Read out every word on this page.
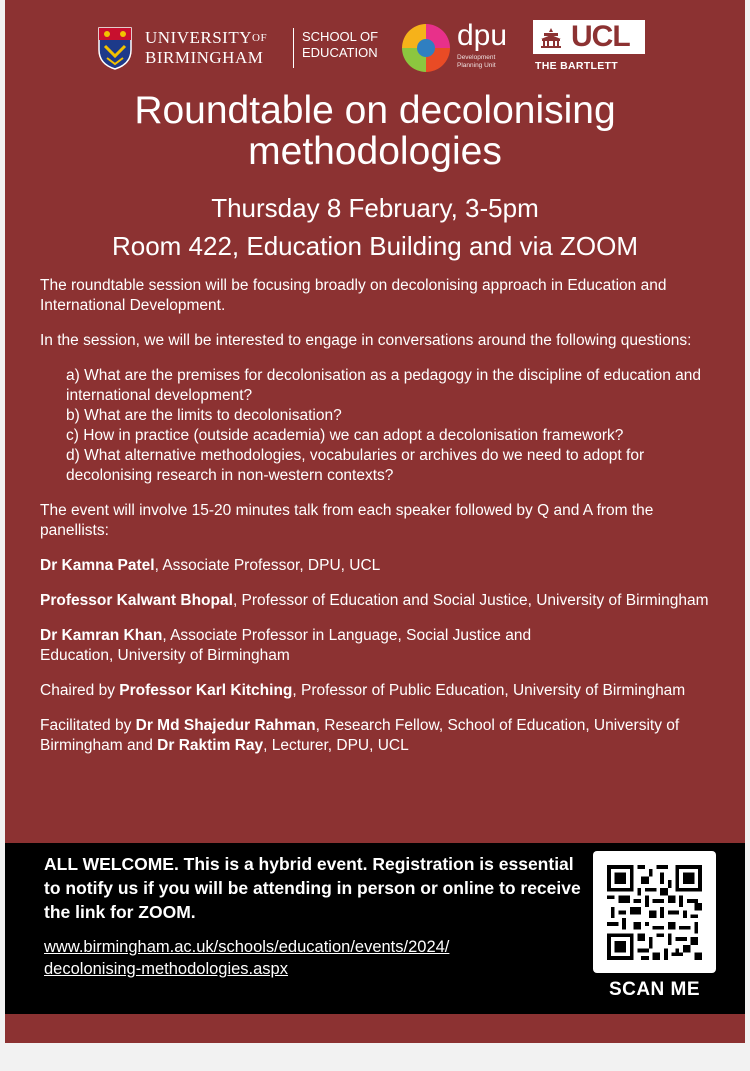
$UNIVERSITY^{OF}$
BIRMINGHAM
SCHOOL OF
EDUCATION
dpu
Development
Planning Unit
UCL
THE BARTLETT
Roundtable on decolonising
methodologies
Thursday 8 February, 3-5pm
Room 422, Education Building and via ZOOM

The roundtable session will be focusing broadly on decolonising approach in Education and International Development.

In the session, we will be interested to engage in conversations around the following questions:

a) What are the premises for decolonisation as a pedagogy in the discipline of education and international development?
b) What are the limits to decolonisation?
c) How in practice (outside academia) we can adopt a decolonisation framework?
d) What alternative methodologies, vocabularies or archives do we need to adopt for decolonising research in non-western contexts?

The event will involve 15-20 minutes talk from each speaker followed by Q and A from the panellists:

Dr Kamna Patel, Associate Professor, DPU, UCL

Professor Kalwant Bhopal, Professor of Education and Social Justice, University of Birmingham

Dr Kamran Khan, Associate Professor in Language, Social Justice and
Education, University of Birmingham

Chaired by Professor Karl Kitching, Professor of Public Education, University of Birmingham

Facilitated by Dr Md Shajedur Rahman, Research Fellow, School of Education, University of Birmingham and Dr Raktim Ray, Lecturer, DPU, UCL

ALL WELCOME. This is a hybrid event. Registration is essential to notify us if you will be attending in person or online to receive the link for ZOOM.
www.birmingham.ac.uk/schools/education/events/2024/
decolonising-methodologies.aspx
SCAN ME
